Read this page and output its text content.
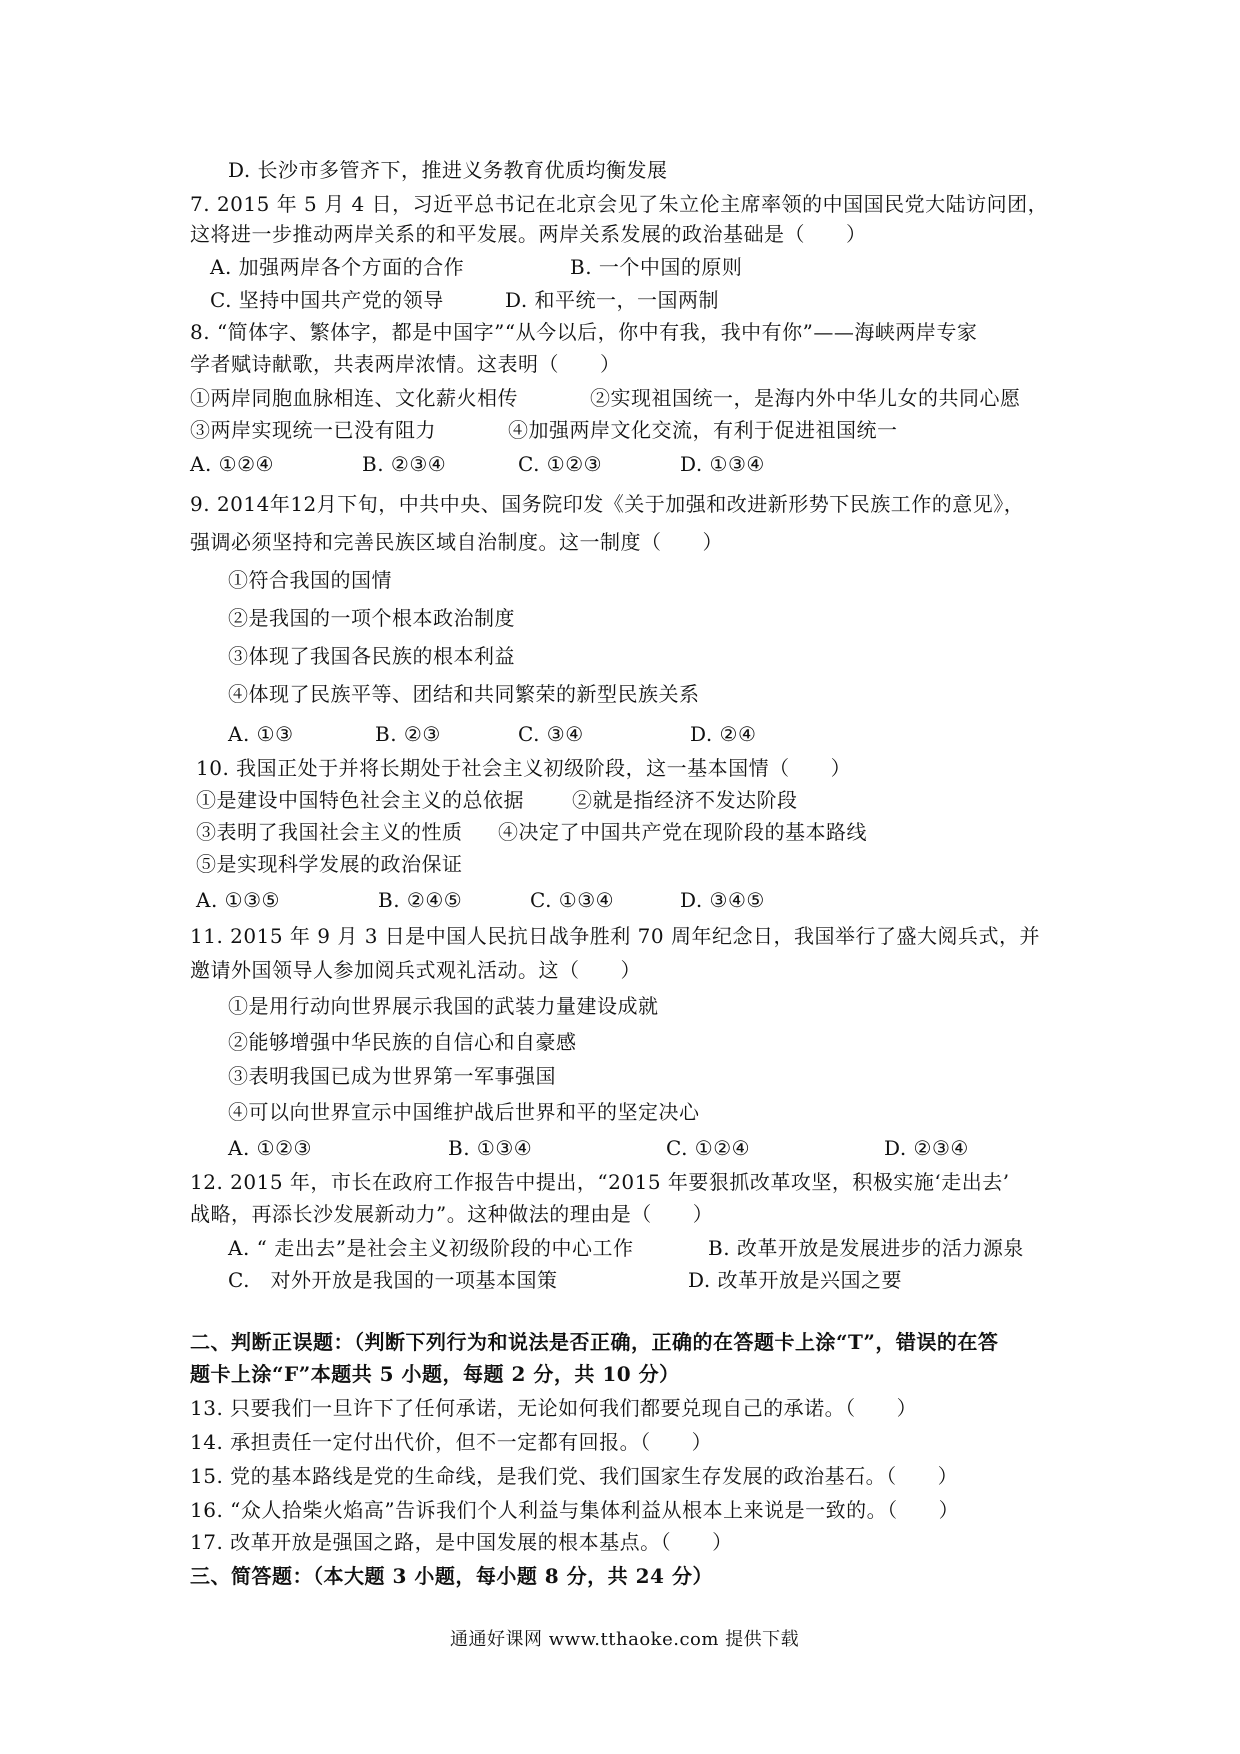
D. 长沙市多管齐下，推进义务教育优质均衡发展
7. 2015 年 5 月 4 日，习近平总书记在北京会见了朱立伦主席率领的中国国民党大陆访问团，
这将进一步推动两岸关系的和平发展。两岸关系发展的政治基础是（　　）
A. 加强两岸各个方面的合作	B. 一个中国的原则
C. 坚持中国共产党的领导	D. 和平统一，一国两制
8. “简体字、繁体字，都是中国字”“从今以后，你中有我，我中有你”——海峡两岸专家
学者赋诗献歌，共表两岸浓情。这表明（　　）
①两岸同胞血脉相连、文化薪火相传	②实现祖国统一，是海内外中华儿女的共同心愿
③两岸实现统一已没有阻力	④加强两岸文化交流，有利于促进祖国统一
A. ①②④	B. ②③④	C. ①②③	D. ①③④
9. 2014年12月下旬，中共中央、国务院印发《关于加强和改进新形势下民族工作的意见》，
强调必须坚持和完善民族区域自治制度。这一制度（　　）
①符合我国的国情
②是我国的一项个根本政治制度
③体现了我国各民族的根本利益
④体现了民族平等、团结和共同繁荣的新型民族关系
A. ①③	B. ②③	C. ③④	D. ②④
10. 我国正处于并将长期处于社会主义初级阶段，这一基本国情（　　）
①是建设中国特色社会主义的总依据 ②就是指经济不发达阶段
③表明了我国社会主义的性质 ④决定了中国共产党在现阶段的基本路线
⑤是实现科学发展的政治保证
A. ①③⑤	B. ②④⑤	C. ①③④	D. ③④⑤
11. 2015 年 9 月 3 日是中国人民抗日战争胜利 70 周年纪念日，我国举行了盛大阅兵式，并
邀请外国领导人参加阅兵式观礼活动。这（　　）
①是用行动向世界展示我国的武装力量建设成就
②能够增强中华民族的自信心和自豪感
③表明我国已成为世界第一军事强国
④可以向世界宣示中国维护战后世界和平的坚定决心
A. ①②③	B. ①③④	C. ①②④	D. ②③④
12. 2015 年，市长在政府工作报告中提出，“2015 年要狠抓改革攻坚，积极实施‘走出去’
战略，再添长沙发展新动力”。这种做法的理由是（　　）
A. “ 走出去”是社会主义初级阶段的中心工作	B. 改革开放是发展进步的活力源泉
C.　对外开放是我国的一项基本国策	D. 改革开放是兴国之要
二、判断正误题：（判断下列行为和说法是否正确，正确的在答题卡上涂“T”，错误的在答
题卡上涂“F”本题共 5 小题，每题 2 分，共 10 分）
13. 只要我们一旦许下了任何承诺，无论如何我们都要兑现自己的承诺。（　　）
14. 承担责任一定付出代价，但不一定都有回报。（　　）
15. 党的基本路线是党的生命线，是我们党、我们国家生存发展的政治基石。（　　）
16. “众人拾柴火焰高”告诉我们个人利益与集体利益从根本上来说是一致的。（　　）
17. 改革开放是强国之路，是中国发展的根本基点。（　　）
三、简答题：（本大题 3 小题，每小题 8 分，共 24 分）
通通好课网 www.tthaoke.com 提供下载
